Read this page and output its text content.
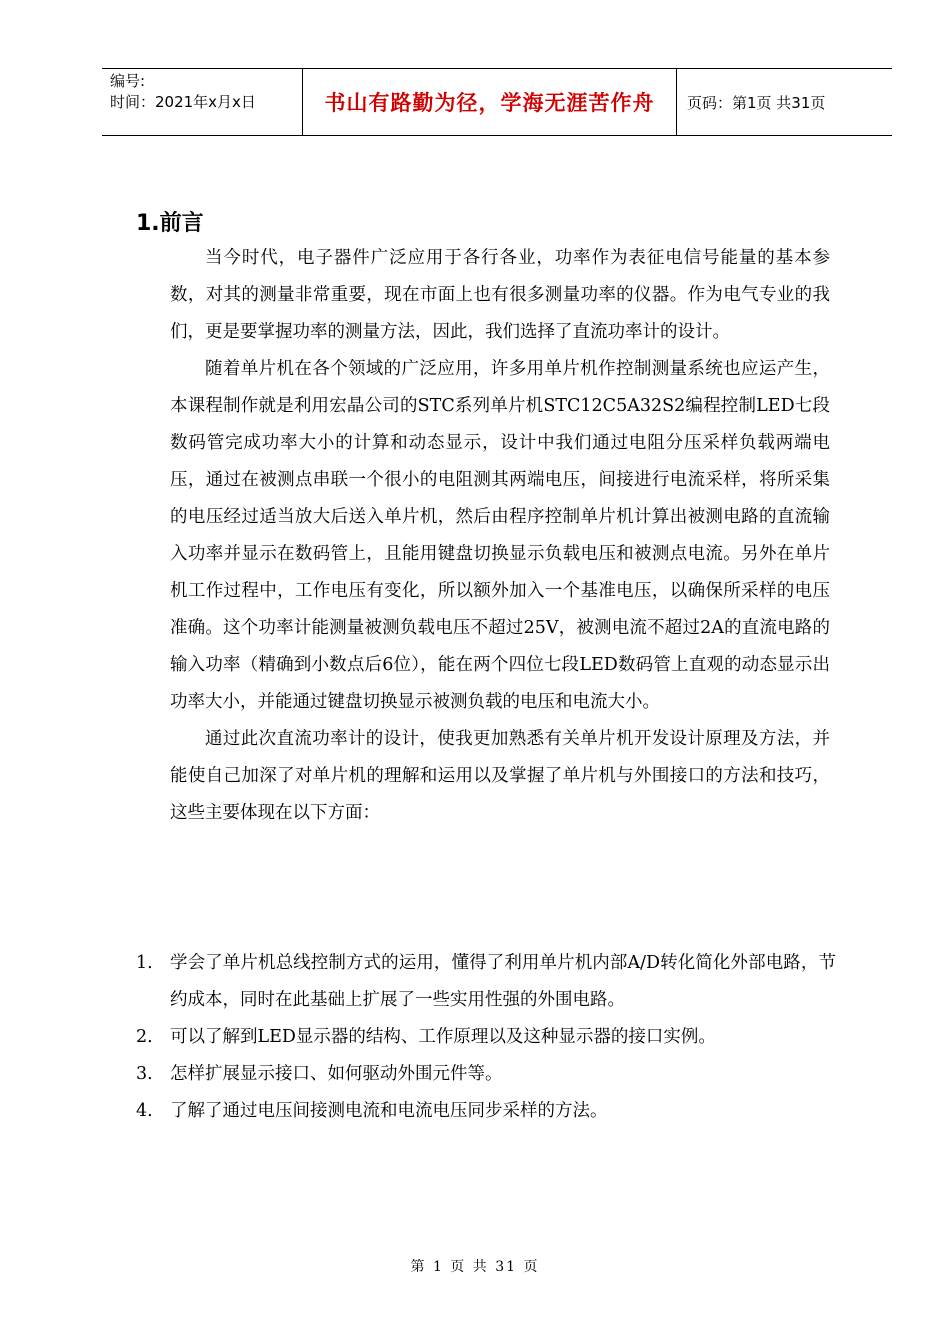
编号:
时间：2021年x月x日	书山有路勤为径，学海无涯苦作舟	页码：第1页 共31页
1.前言

当今时代，电子器件广泛应用于各行各业，功率作为表征电信号能量的基本参数，对其的测量非常重要，现在市面上也有很多测量功率的仪器。作为电气专业的我们，更是要掌握功率的测量方法，因此，我们选择了直流功率计的设计。

随着单片机在各个领域的广泛应用，许多用单片机作控制测量系统也应运产生，本课程制作就是利用宏晶公司的STC系列单片机STC12C5A32S2编程控制LED七段数码管完成功率大小的计算和动态显示，设计中我们通过电阻分压采样负载两端电压，通过在被测点串联一个很小的电阻测其两端电压，间接进行电流采样，将所采集的电压经过适当放大后送入单片机，然后由程序控制单片机计算出被测电路的直流输入功率并显示在数码管上，且能用键盘切换显示负载电压和被测点电流。另外在单片机工作过程中，工作电压有变化，所以额外加入一个基准电压，以确保所采样的电压准确。这个功率计能测量被测负载电压不超过25V，被测电流不超过2A的直流电路的输入功率（精确到小数点后6位），能在两个四位七段LED数码管上直观的动态显示出功率大小，并能通过键盘切换显示被测负载的电压和电流大小。

通过此次直流功率计的设计，使我更加熟悉有关单片机开发设计原理及方法，并能使自己加深了对单片机的理解和运用以及掌握了单片机与外围接口的方法和技巧，这些主要体现在以下方面：

1. 学会了单片机总线控制方式的运用，懂得了利用单片机内部A/D转化简化外部电路，节约成本，同时在此基础上扩展了一些实用性强的外围电路。
2. 可以了解到LED显示器的结构、工作原理以及这种显示器的接口实例。
3. 怎样扩展显示接口、如何驱动外围元件等。
4. 了解了通过电压间接测电流和电流电压同步采样的方法。
第 1 页 共 31 页
